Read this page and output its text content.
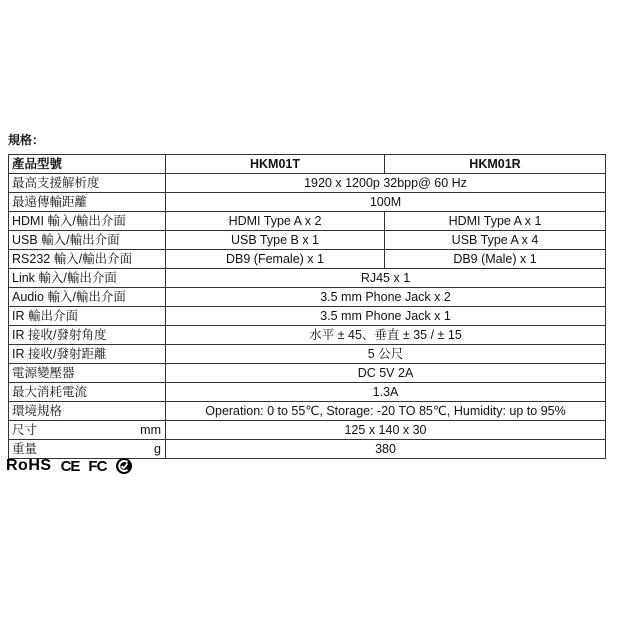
規格：
產品型號	HKM01T	HKM01R
最高支援解析度	1920 x 1200p 32bpp@ 60 Hz	
最遠傳輸距離	100M	
HDMI 輸入/輸出介面	HDMI Type A x 2	HDMI Type A x 1
USB 輸入/輸出介面	USB Type B x 1	USB Type A x 4
RS232 輸入/輸出介面	DB9 (Female) x 1	DB9 (Male) x 1
Link 輸入/輸出介面	RJ45 x 1	
Audio 輸入/輸出介面	3.5 mm Phone Jack x 2	
IR 輸出介面	3.5 mm Phone Jack x 1	
IR 接收/發射角度	水平 ± 45、垂直 ± 35 / ± 15	
IR 接收/發射距離	5 公尺	
電源變壓器	DC 5V 2A	
最大消耗電流	1.3A	
環境規格	Operation: 0 to 55℃, Storage: -20 TO 85℃, Humidity: up to 95%	
尺寸 mm	125 x 140 x 30	
重量 g	380	
RoHS CE FC
